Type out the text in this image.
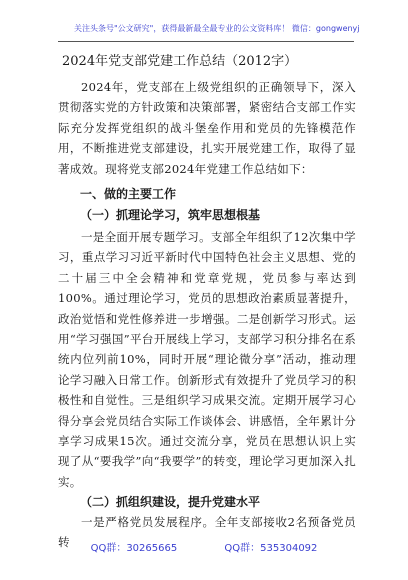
关注头条号"公文研究"，获得最新最全最专业的公文资料库！ 微信：gongwenyj
2024年党支部党建工作总结（2012字）

2024年，党支部在上级党组织的正确领导下，深入贯彻落实党的方针政策和决策部署，紧密结合支部工作实际充分发挥党组织的战斗堡垒作用和党员的先锋模范作用，不断推进党支部建设，扎实开展党建工作，取得了显著成效。现将党支部2024年党建工作总结如下：

一、做的主要工作
（一）抓理论学习，筑牢思想根基

一是全面开展专题学习。支部全年组织了12次集中学习，重点学习习近平新时代中国特色社会主义思想、党的二十届三中全会精神和党章党规，党员参与率达到100%。通过理论学习，党员的思想政治素质显著提升，政治觉悟和党性修养进一步增强。二是创新学习形式。运用“学习强国”平台开展线上学习，支部学习积分排名在系统内位列前10%，同时开展“理论微分享”活动，推动理论学习融入日常工作。创新形式有效提升了党员学习的积极性和自觉性。三是组织学习成果交流。定期开展学习心得分享会党员结合实际工作谈体会、讲感悟，全年累计分享学习成果15次。通过交流分享，党员在思想认识上实现了从“要我学”向“我要学”的转变，理论学习更加深入扎实。

（二）抓组织建设，提升党建水平

一是严格党员发展程序。全年支部接收2名预备党员转	QQ群：30265665	QQ群：535304092
